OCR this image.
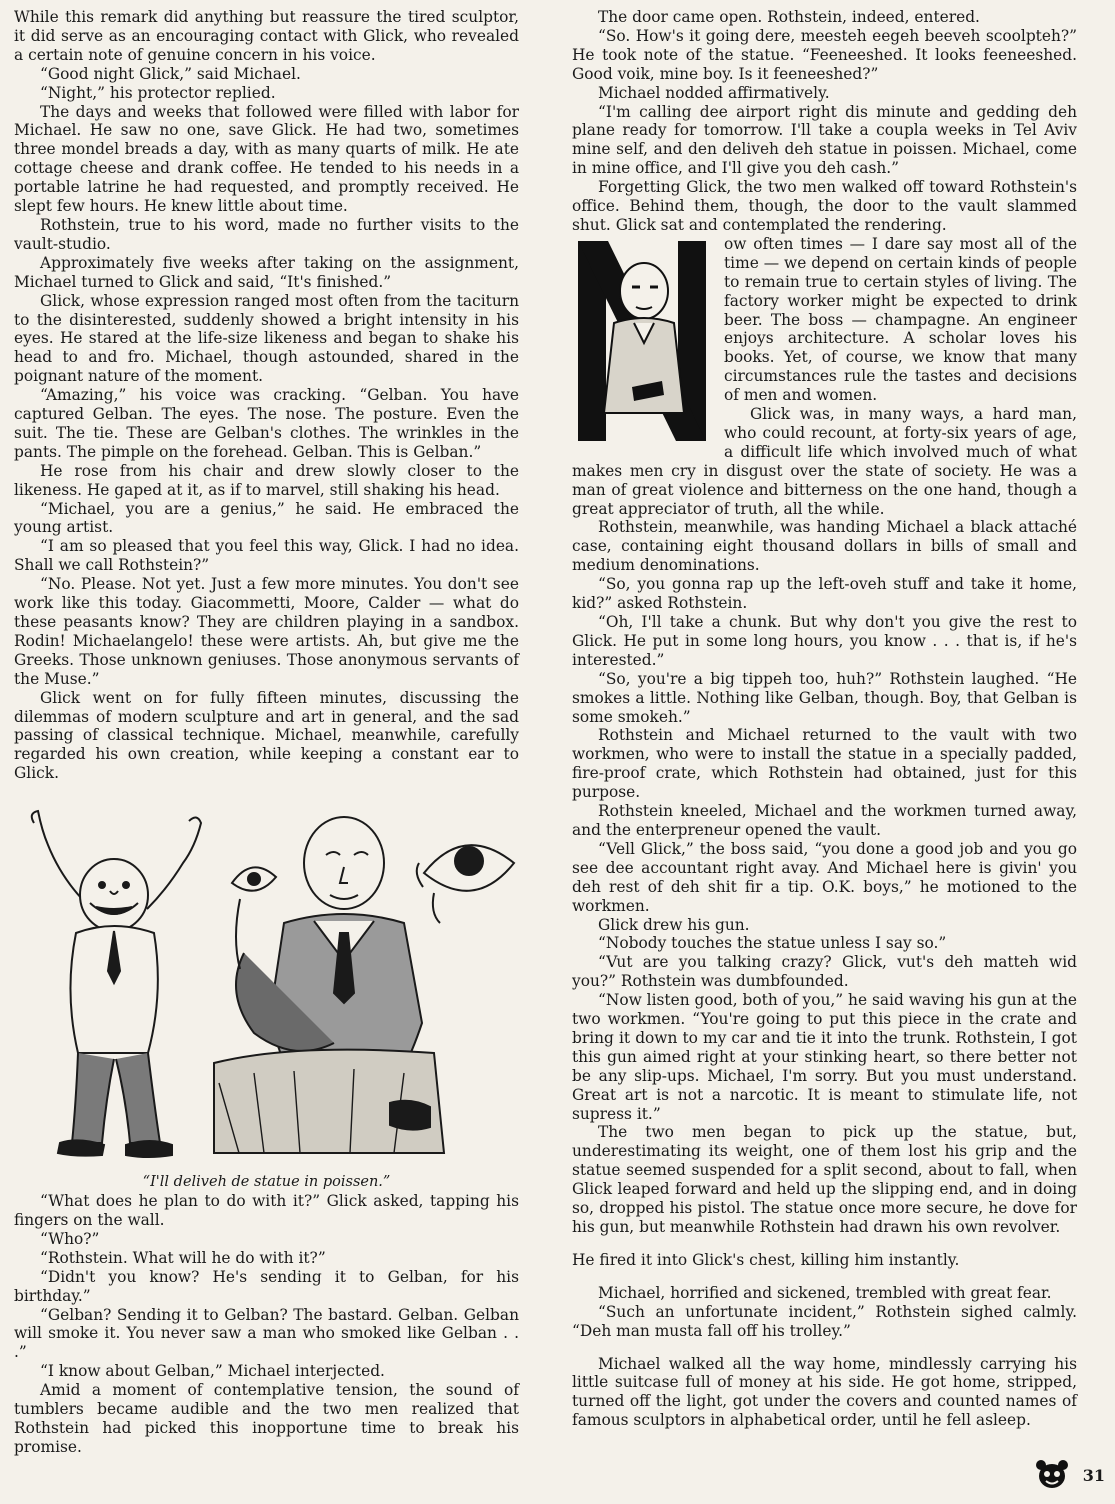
While this remark did anything but reassure the tired sculptor, it did serve as an encouraging contact with Glick, who revealed a certain note of genuine concern in his voice.

“Good night Glick,” said Michael.

“Night,” his protector replied.

The days and weeks that followed were filled with labor for Michael. He saw no one, save Glick. He had two, sometimes three mondel breads a day, with as many quarts of milk. He ate cottage cheese and drank coffee. He tended to his needs in a portable latrine he had requested, and promptly received. He slept few hours. He knew little about time.

Rothstein, true to his word, made no further visits to the vault-studio.

Approximately five weeks after taking on the assignment, Michael turned to Glick and said, “It's finished.”

Glick, whose expression ranged most often from the taciturn to the disinterested, suddenly showed a bright intensity in his eyes. He stared at the life-size likeness and began to shake his head to and fro. Michael, though astounded, shared in the poignant nature of the moment.

“Amazing,” his voice was cracking. “Gelban. You have captured Gelban. The eyes. The nose. The posture. Even the suit. The tie. These are Gelban's clothes. The wrinkles in the pants. The pimple on the forehead. Gelban. This is Gelban.”

He rose from his chair and drew slowly closer to the likeness. He gaped at it, as if to marvel, still shaking his head.

“Michael, you are a genius,” he said. He embraced the young artist.

“I am so pleased that you feel this way, Glick. I had no idea. Shall we call Rothstein?”

“No. Please. Not yet. Just a few more minutes. You don't see work like this today. Giacommetti, Moore, Calder — what do these peasants know? They are children playing in a sandbox. Rodin! Michaelangelo! these were artists. Ah, but give me the Greeks. Those unknown geniuses. Those anonymous servants of the Muse.”

Glick went on for fully fifteen minutes, discussing the dilemmas of modern sculpture and art in general, and the sad passing of classical technique. Michael, meanwhile, carefully regarded his own creation, while keeping a constant ear to Glick.

“I'll deliveh de statue in poissen.”

“What does he plan to do with it?” Glick asked, tapping his fingers on the wall.

“Who?”

“Rothstein. What will he do with it?”

“Didn't you know? He's sending it to Gelban, for his birthday.”

“Gelban? Sending it to Gelban? The bastard. Gelban. Gelban will smoke it. You never saw a man who smoked like Gelban . . .”

“I know about Gelban,” Michael interjected.

Amid a moment of contemplative tension, the sound of tumblers became audible and the two men realized that Rothstein had picked this inopportune time to break his promise.

The door came open. Rothstein, indeed, entered.

“So. How's it going dere, meesteh eegeh beeveh scoolpteh?” He took note of the statue. “Feeneeshed. It looks feeneeshed. Good voik, mine boy. Is it feeneeshed?”

Michael nodded affirmatively.

“I'm calling dee airport right dis minute and gedding deh plane ready for tomorrow. I'll take a coupla weeks in Tel Aviv mine self, and den deliveh deh statue in poissen. Michael, come in mine office, and I'll give you deh cash.”

Forgetting Glick, the two men walked off toward Rothstein's office. Behind them, though, the door to the vault slammed shut. Glick sat and contemplated the rendering.

ow often times — I dare say most all of the time — we depend on certain kinds of people to remain true to certain styles of living. The factory worker might be expected to drink beer. The boss — champagne. An engineer enjoys architecture. A scholar loves his books. Yet, of course, we know that many circumstances rule the tastes and decisions of men and women.

Glick was, in many ways, a hard man, who could recount, at forty-six years of age, a difficult life which involved much of what makes men cry in disgust over the state of society. He was a man of great violence and bitterness on the one hand, though a great appreciator of truth, all the while.

Rothstein, meanwhile, was handing Michael a black attaché case, containing eight thousand dollars in bills of small and medium denominations.

“So, you gonna rap up the left-oveh stuff and take it home, kid?” asked Rothstein.

“Oh, I'll take a chunk. But why don't you give the rest to Glick. He put in some long hours, you know . . . that is, if he's interested.”

“So, you're a big tippeh too, huh?” Rothstein laughed. “He smokes a little. Nothing like Gelban, though. Boy, that Gelban is some smokeh.”

Rothstein and Michael returned to the vault with two workmen, who were to install the statue in a specially padded, fire-proof crate, which Rothstein had obtained, just for this purpose.

Rothstein kneeled, Michael and the workmen turned away, and the enterpreneur opened the vault.

“Vell Glick,” the boss said, “you done a good job and you go see dee accountant right avay. And Michael here is givin' you deh rest of deh shit fir a tip. O.K. boys,” he motioned to the workmen.

Glick drew his gun.

“Nobody touches the statue unless I say so.”

“Vut are you talking crazy? Glick, vut's deh matteh wid you?” Rothstein was dumbfounded.

“Now listen good, both of you,” he said waving his gun at the two workmen. “You're going to put this piece in the crate and bring it down to my car and tie it into the trunk. Rothstein, I got this gun aimed right at your stinking heart, so there better not be any slip-ups. Michael, I'm sorry. But you must understand. Great art is not a narcotic. It is meant to stimulate life, not supress it.”

The two men began to pick up the statue, but, underestimating its weight, one of them lost his grip and the statue seemed suspended for a split second, about to fall, when Glick leaped forward and held up the slipping end, and in doing so, dropped his pistol. The statue once more secure, he dove for his gun, but meanwhile Rothstein had drawn his own revolver.

He fired it into Glick's chest, killing him instantly.

Michael, horrified and sickened, trembled with great fear.

“Such an unfortunate incident,” Rothstein sighed calmly. “Deh man musta fall off his trolley.”

Michael walked all the way home, mindlessly carrying his little suitcase full of money at his side. He got home, stripped, turned off the light, got under the covers and counted names of famous sculptors in alphabetical order, until he fell asleep.

31
